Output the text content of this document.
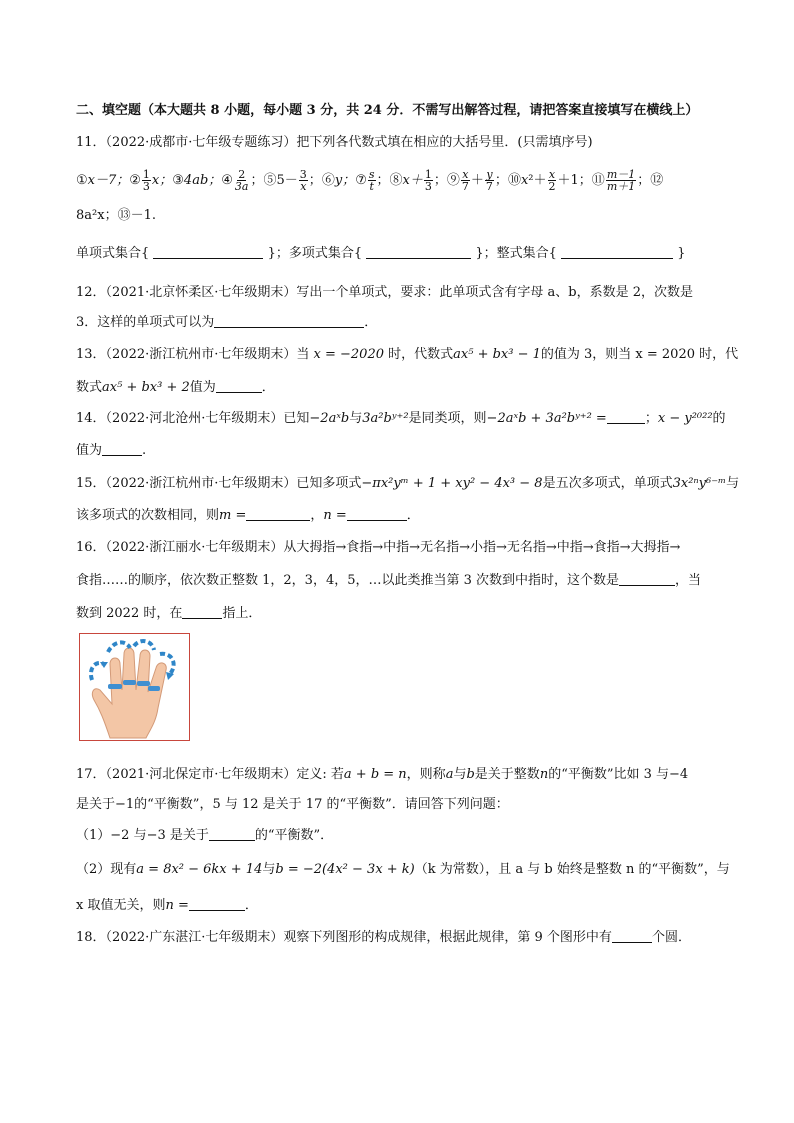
二、填空题（本大题共 8 小题，每小题 3 分，共 24 分．不需写出解答过程，请把答案直接填写在横线上）
11．（2022·成都市·七年级专题练习）把下列各代数式填在相应的大括号里．(只需填序号)
①x－7；② $\frac{1}{3}$ x；③4ab；④ $\frac{2}{3a}$ ；⑤5－ $\frac{3}{x}$ ；⑥y；⑦ $\frac{s}{t}$ ；⑧x＋ $\frac{1}{3}$ ；⑨ $\frac{x}{7} + \frac{y}{7}$ ；⑩x²＋ $\frac{x}{2} +1$；⑪ $\frac{m-1}{m+1}$ ；⑫
8a²x；⑬－1.
单项式集合{	}；多项式集合{	}；整式集合{	}
12．（2021·北京怀柔区·七年级期末）写出一个单项式，要求：此单项式含有字母 a、b，系数是 2，次数是
3．这样的单项式可以为	．
13．（2022·浙江杭州市·七年级期末）当 x = −2020 时，代数式ax⁵ + bx³ − 1的值为 3，则当 x = 2020 时，代
数式ax⁵ + bx³ + 2值为	．
14．（2022·河北沧州·七年级期末）已知−2aˣb与3a²bʸ⁺²是同类项，则−2aˣb + 3a²bʸ⁺² =	；x − y²⁰²²的
值为	.
15．（2022·浙江杭州市·七年级期末）已知多项式−πx²yᵐ + 1 + xy² − 4x³ − 8是五次多项式，单项式3x²ⁿy⁶⁻ᵐ与
该多项式的次数相同，则m =	，n =	．
16．（2022·浙江丽水·七年级期末）从大拇指→食指→中指→无名指→小指→无名指→中指→食指→大拇指→
食指……的顺序，依次数正整数 1，2，3，4，5，…以此类推当第 3 次数到中指时，这个数是	，当
数到 2022 时，在	指上．
17．（2021·河北保定市·七年级期末）定义: 若a + b = n，则称a与b是关于整数n的“平衡数”比如 3 与−4
是关于−1的“平衡数”，5 与 12 是关于 17 的“平衡数”．请回答下列问题：
（1）−2 与−3 是关于	的“平衡数”．
（2）现有a = 8x² − 6kx + 14与b = −2(4x² − 3x + k)（k 为常数），且 a 与 b 始终是整数 n 的“平衡数”，与
x 取值无关，则n =	．
18．（2022·广东湛江·七年级期末）观察下列图形的构成规律，根据此规律，第 9 个图形中有	个圆．
